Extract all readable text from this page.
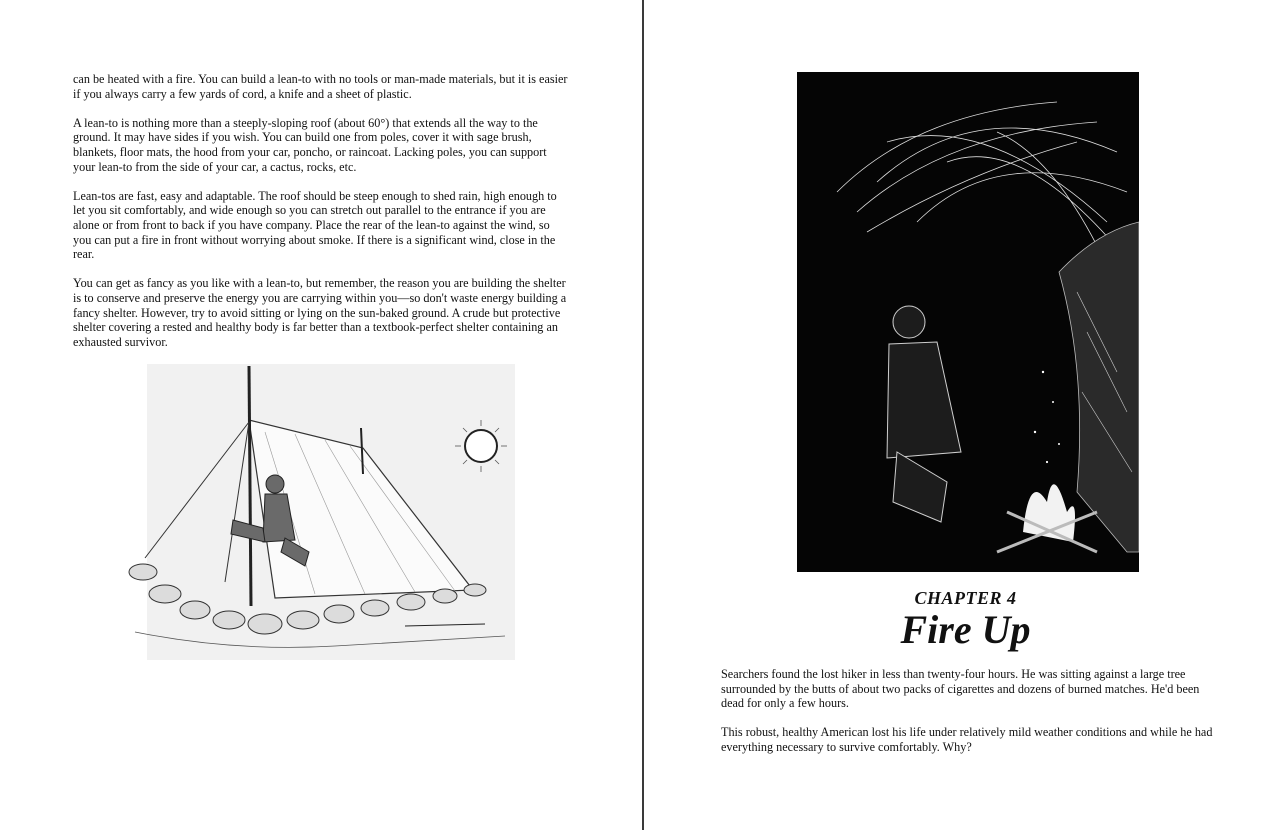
can be heated with a fire. You can build a lean-to with no tools or man-made materials, but it is easier if you always carry a few yards of cord, a knife and a sheet of plastic.

A lean-to is nothing more than a steeply-sloping roof (about 60°) that extends all the way to the ground. It may have sides if you wish. You can build one from poles, cover it with sage brush, blankets, floor mats, the hood from your car, poncho, or raincoat. Lacking poles, you can support your lean-to from the side of your car, a cactus, rocks, etc.

Lean-tos are fast, easy and adaptable. The roof should be steep enough to shed rain, high enough to let you sit comfortably, and wide enough so you can stretch out parallel to the entrance if you are alone or from front to back if you have company. Place the rear of the lean-to against the wind, so you can put a fire in front without worrying about smoke. If there is a significant wind, close in the rear.

You can get as fancy as you like with a lean-to, but remember, the reason you are building the shelter is to conserve and preserve the energy you are carrying within you—so don't waste energy building a fancy shelter. However, try to avoid sitting or lying on the sun-baked ground. A crude but protective shelter covering a rested and healthy body is far better than a textbook-perfect shelter containing an exhausted survivor.

CHAPTER 4
Fire Up

Searchers found the lost hiker in less than twenty-four hours. He was sitting against a large tree surrounded by the butts of about two packs of cigarettes and dozens of burned matches. He'd been dead for only a few hours.

This robust, healthy American lost his life under relatively mild weather conditions and while he had everything necessary to survive comfortably. Why?
